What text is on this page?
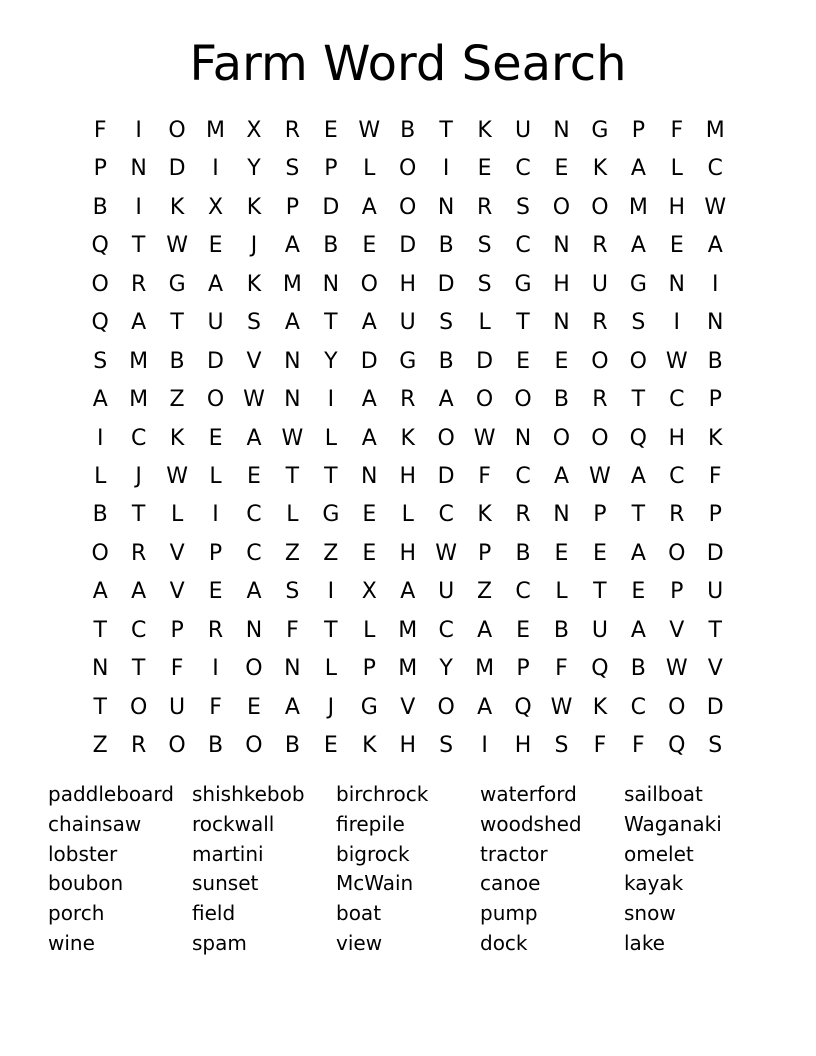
Farm Word Search
F	I	O M X	R	E W B	T	K	U	N G	P	F	M
P	N D	I	Y	S	P	L	O	I	E	C	E	K	A	L	C
B	I	K	X	K	P	D	A	O N	R	S	O O M H W
Q	T W E	J	A	B	E	D	B	S	C	N	R	A	E	A
O	R	G	A	K M N O H D	S	G H	U G N	I
Q	A	T	U	S	A	T	A	U	S	L	T	N	R	S	I	N
S M B	D	V	N	Y	D G	B	D	E	E	O O W B
A M Z	O W N	I	A	R	A	O O	B	R	T	C	P
I	C	K	E	A W L	A	K	O W N O O Q H	K
L	J	W L	E	T	T	N H D	F	C	A W A	C	F
B	T	L	I	C	L	G	E	L	C	K	R	N	P	T	R	P
O	R	V	P	C	Z	Z	E	H W P	B	E	E	A	O D
A	A	V	E	A	S	I	X	A	U	Z	C	L	T	E	P	U
T	C	P	R	N	F	T	L	M C	A	E	B	U	A	V	T
N	T	F	I	O N	L	P	M	Y	M	P	F	Q	B W V
T	O U	F	E	A	J	G	V	O	A	Q W K	C	O D
Z	R	O	B	O	B	E	K	H	S	I	H	S	F	F	Q	S
paddleboard shishkebob	birchrock	waterford	sailboat
chainsaw	rockwall	firepile	woodshed	Waganaki
lobster	martini	bigrock	tractor	omelet
boubon	sunset	McWain	canoe	kayak
porch	field	boat	pump	snow
wine	spam	view	dock	lake
